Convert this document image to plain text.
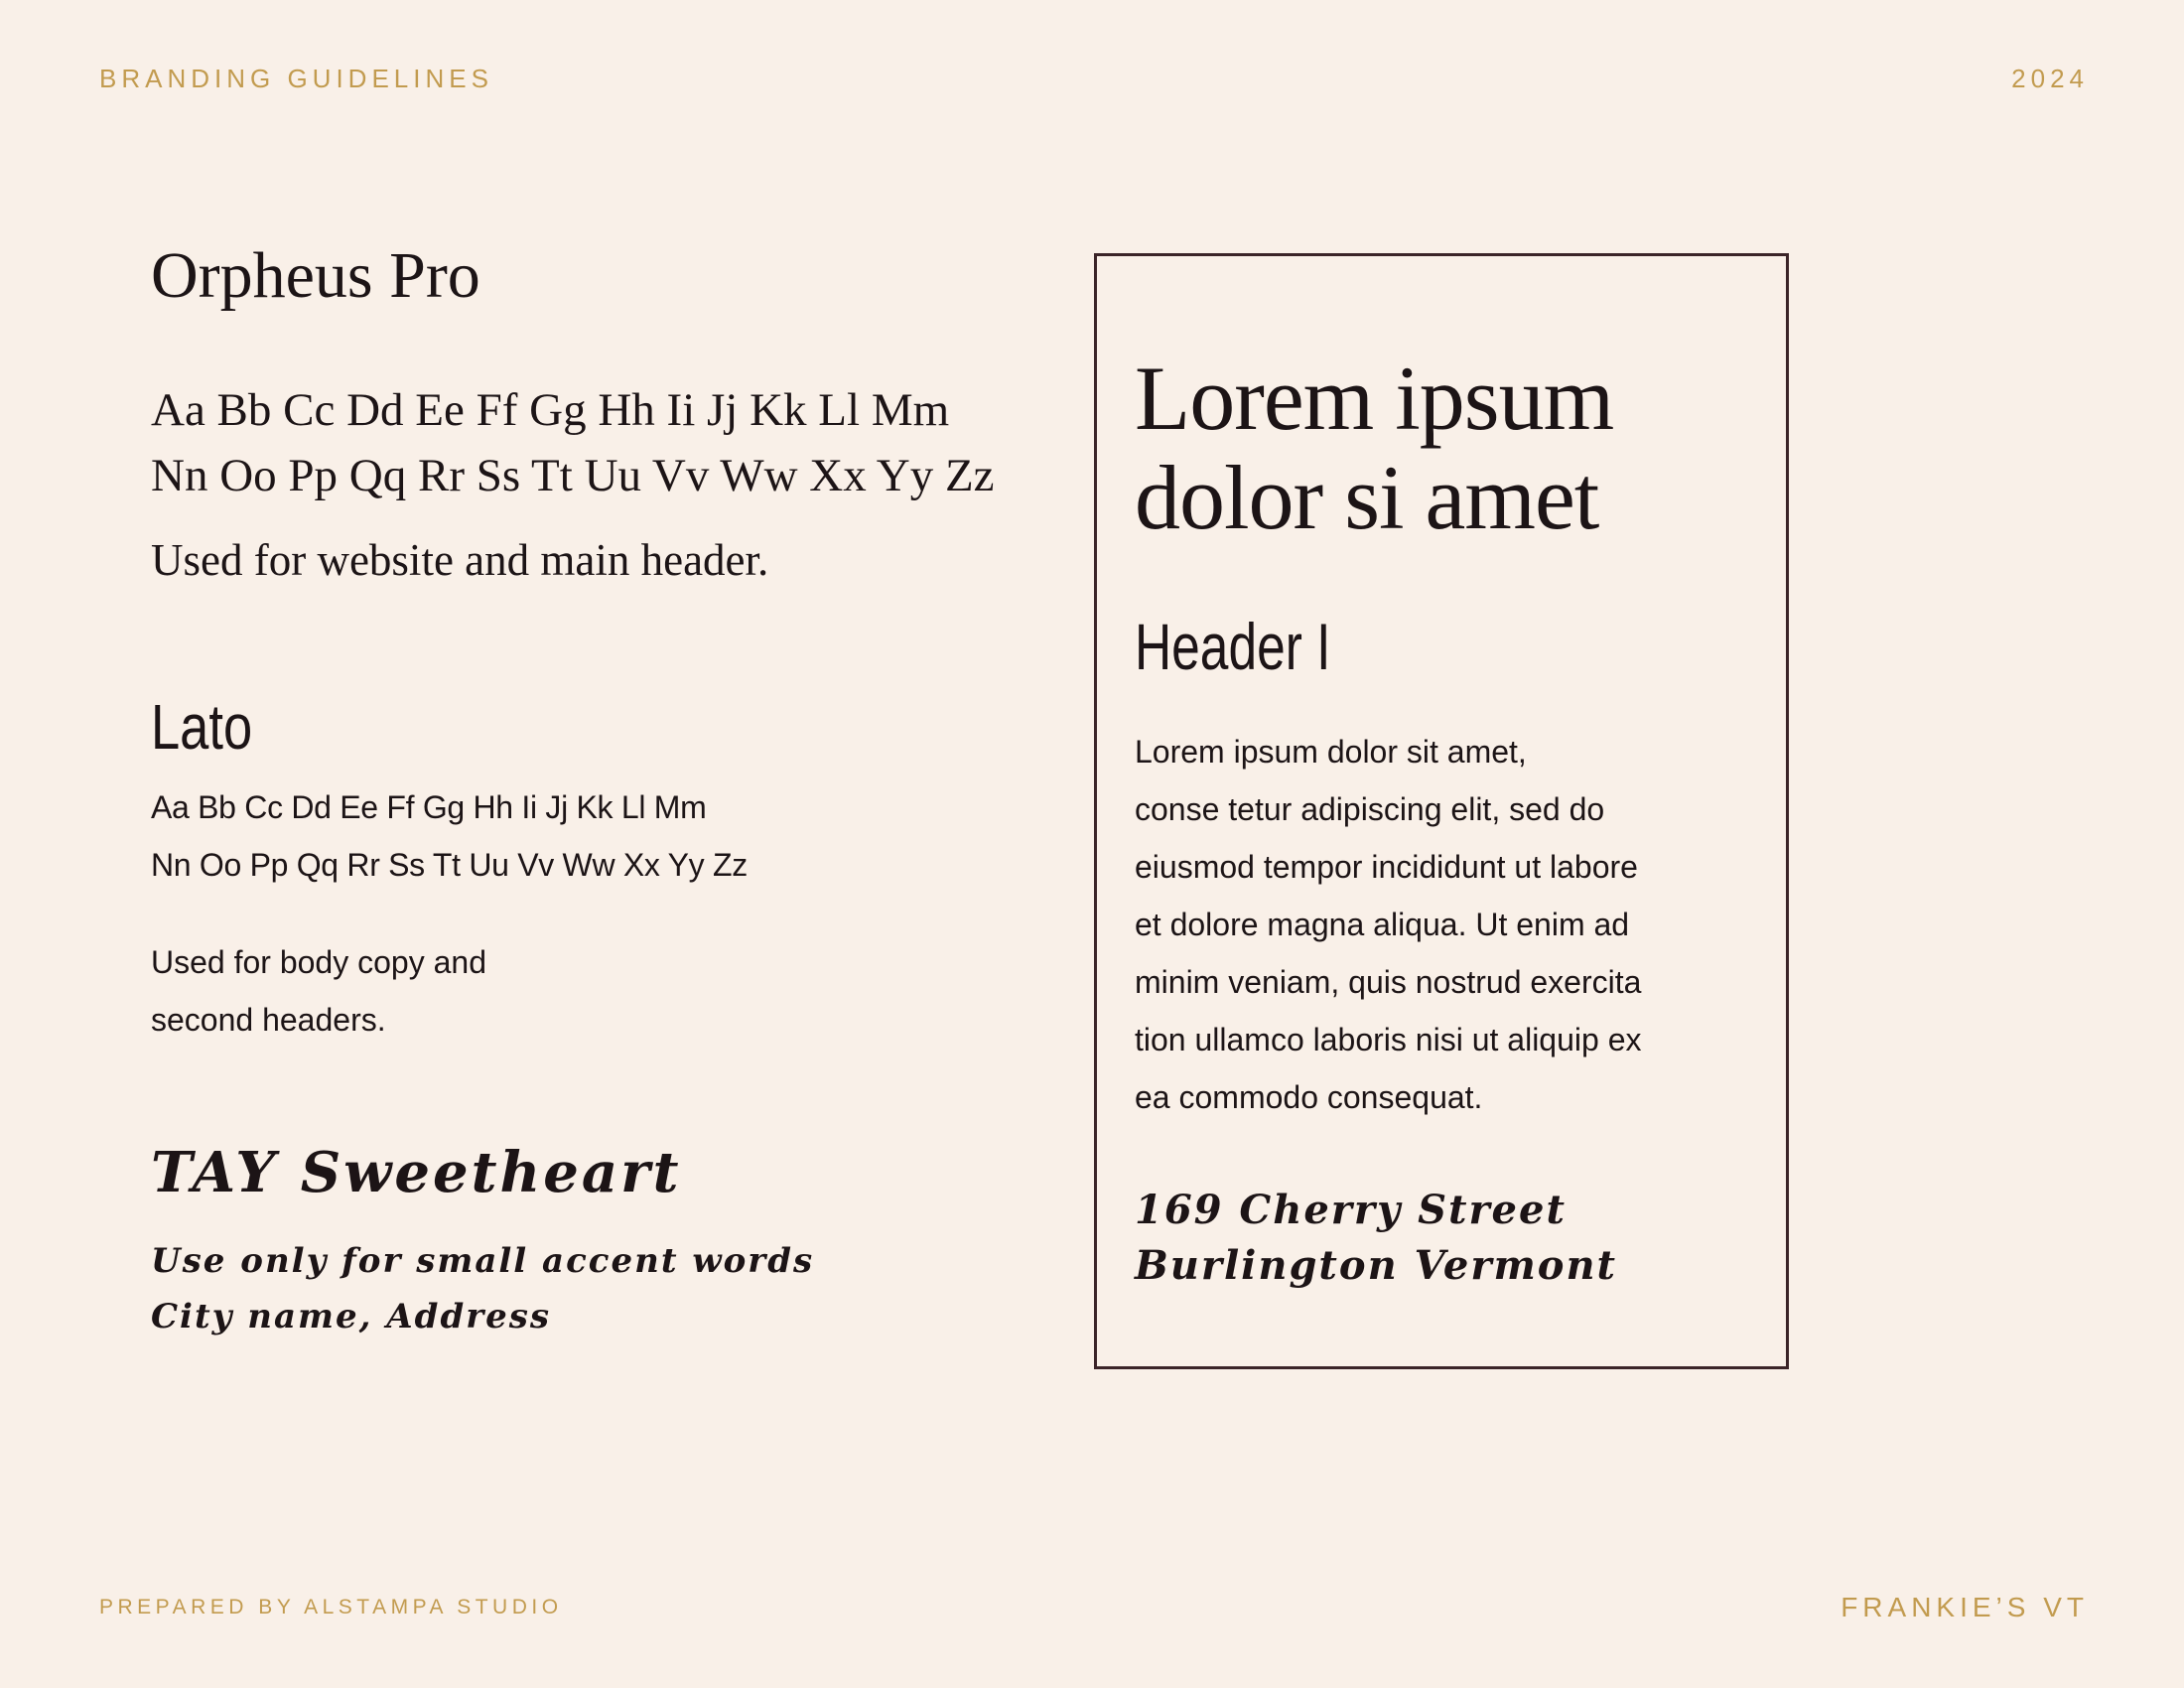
BRANDING GUIDELINES	2024
Orpheus Pro
Aa Bb Cc Dd Ee Ff Gg Hh Ii Jj Kk Ll Mm
Nn Oo Pp Qq Rr Ss Tt Uu Vv Ww Xx Yy Zz
Used for website and main header.
Lato
Aa Bb Cc Dd Ee Ff Gg Hh Ii Jj Kk Ll Mm
Nn Oo Pp Qq Rr Ss Tt Uu Vv Ww Xx Yy Zz
Used for body copy and
second headers.
TAY Sweetheart
Use only for small accent words
City name, Address
Lorem ipsum
dolor si amet
Header I
Lorem ipsum dolor sit amet,
conse tetur adipiscing elit, sed do
eiusmod tempor incididunt ut labore
et dolore magna aliqua. Ut enim ad
minim veniam, quis nostrud exercita
tion ullamco laboris nisi ut aliquip ex
ea commodo consequat.
169 Cherry Street
Burlington Vermont
PREPARED BY ALSTAMPA STUDIO	FRANKIE’S VT
